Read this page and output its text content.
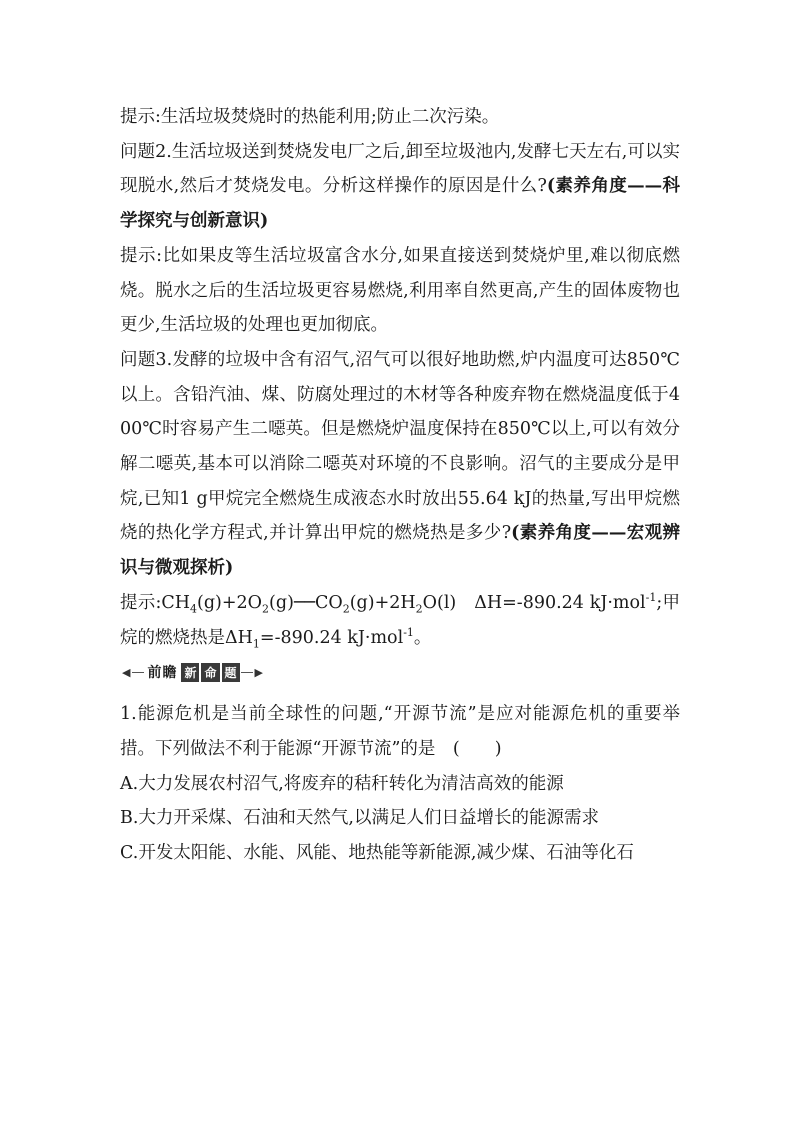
提示:生活垃圾焚烧时的热能利用;防止二次污染。

问题2.生活垃圾送到焚烧发电厂之后,卸至垃圾池内,发酵七天左右,可以实现脱水,然后才焚烧发电。分析这样操作的原因是什么?(素养角度——科学探究与创新意识)

提示:比如果皮等生活垃圾富含水分,如果直接送到焚烧炉里,难以彻底燃烧。脱水之后的生活垃圾更容易燃烧,利用率自然更高,产生的固体废物也更少,生活垃圾的处理也更加彻底。

问题3.发酵的垃圾中含有沼气,沼气可以很好地助燃,炉内温度可达850℃以上。含铅汽油、煤、防腐处理过的木材等各种废弃物在燃烧温度低于400℃时容易产生二噁英。但是燃烧炉温度保持在850℃以上,可以有效分解二噁英,基本可以消除二噁英对环境的不良影响。沼气的主要成分是甲烷,已知1 g甲烷完全燃烧生成液态水时放出55.64 kJ的热量,写出甲烷燃烧的热化学方程式,并计算出甲烷的燃烧热是多少?(素养角度——宏观辨识与微观探析)

提示$:CH_4(g)+2O_2(g)──CO_2(g)+2H_2O(l)$　ΔH=-890.24 kJ·mol$^{-1}$;甲烷的燃烧热是$\Delta H_1=-890.24$ kJ·mol$^{-1}$。

◀ 前瞻 新 命 题 ▶

1.能源危机是当前全球性的问题,“开源节流”是应对能源危机的重要举措。下列做法不利于能源“开源节流”的是　(　　)

A.大力发展农村沼气,将废弃的秸秆转化为清洁高效的能源

B.大力开采煤、石油和天然气,以满足人们日益增长的能源需求

C.开发太阳能、水能、风能、地热能等新能源,减少煤、石油等化石
